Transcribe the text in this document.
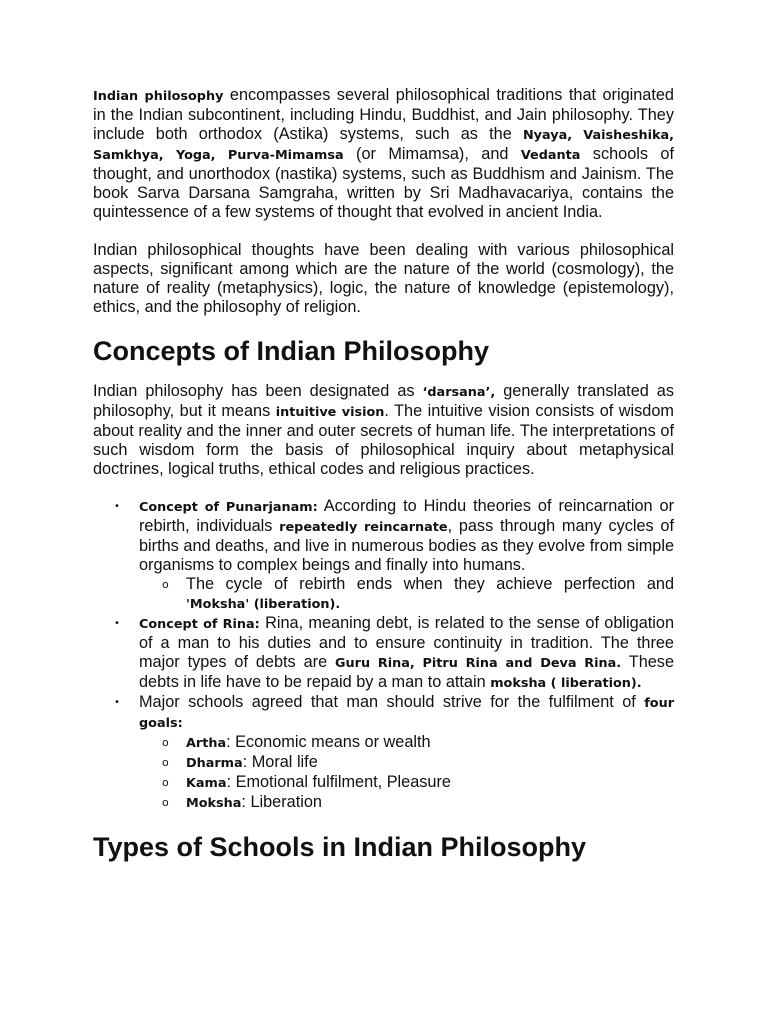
Indian philosophy encompasses several philosophical traditions that originated in the Indian subcontinent, including Hindu, Buddhist, and Jain philosophy. They include both orthodox (Astika) systems, such as the Nyaya, Vaisheshika, Samkhya, Yoga, Purva-Mimamsa (or Mimamsa), and Vedanta schools of thought, and unorthodox (nastika) systems, such as Buddhism and Jainism. The book Sarva Darsana Samgraha, written by Sri Madhavacariya, contains the quintessence of a few systems of thought that evolved in ancient India.

Indian philosophical thoughts have been dealing with various philosophical aspects, significant among which are the nature of the world (cosmology), the nature of reality (metaphysics), logic, the nature of knowledge (epistemology), ethics, and the philosophy of religion.

Concepts of Indian Philosophy

Indian philosophy has been designated as ‘darsana’, generally translated as philosophy, but it means intuitive vision. The intuitive vision consists of wisdom about reality and the inner and outer secrets of human life. The interpretations of such wisdom form the basis of philosophical inquiry about metaphysical doctrines, logical truths, ethical codes and religious practices.

• Concept of Punarjanam: According to Hindu theories of reincarnation or rebirth, individuals repeatedly reincarnate, pass through many cycles of births and deaths, and live in numerous bodies as they evolve from simple organisms to complex beings and finally into humans.

o The cycle of rebirth ends when they achieve perfection and 'Moksha' (liberation).

• Concept of Rina: Rina, meaning debt, is related to the sense of obligation of a man to his duties and to ensure continuity in tradition. The three major types of debts are Guru Rina, Pitru Rina and Deva Rina. These debts in life have to be repaid by a man to attain moksha ( liberation).

• Major schools agreed that man should strive for the fulfilment of four goals:

o Artha: Economic means or wealth

o Dharma: Moral life

o Kama: Emotional fulfilment, Pleasure

o Moksha: Liberation

Types of Schools in Indian Philosophy
